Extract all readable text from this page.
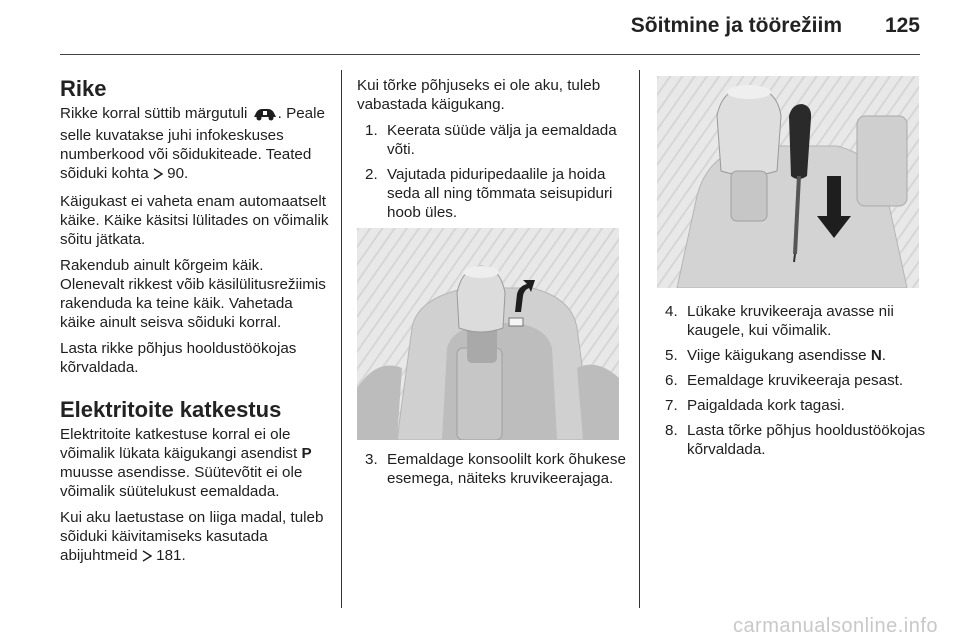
Sõitmine ja töörežiim 125
Rike

Rikke korral süttib märgutuli . Peale selle kuvatakse juhi infokeskuses numberkood või sõidukiteade. Teated sõiduki kohta 90.

Käigukast ei vaheta enam automaatselt käike. Käike käsitsi lülitades on võimalik sõitu jätkata.

Rakendub ainult kõrgeim käik. Olenevalt rikkest võib käsilülitusrežiimis rakenduda ka teine käik. Vahetada käike ainult seisva sõiduki korral.

Lasta rikke põhjus hooldustöökojas kõrvaldada.

Elektritoite katkestus

Elektritoite katkestuse korral ei ole võimalik lükata käigukangi asendist P muusse asendisse. Süütevõtit ei ole võimalik süütelukust eemaldada.

Kui aku laetustase on liiga madal, tuleb sõiduki käivitamiseks kasutada abijuhtmeid 181.

Kui tõrke põhjuseks ei ole aku, tuleb vabastada käigukang.

1. Keerata süüde välja ja eemaldada võti.
2. Vajutada piduripedaalile ja hoida seda all ning tõmmata seisupiduri hoob üles.
3. Eemaldage konsoolilt kork õhukese esemega, näiteks kruvikeerajaga.
4. Lükake kruvikeeraja avasse nii kaugele, kui võimalik.
5. Viige käigukang asendisse N.
6. Eemaldage kruvikeeraja pesast.
7. Paigaldada kork tagasi.
8. Lasta tõrke põhjus hooldustöökojas kõrvaldada.
carmanualsonline.info
